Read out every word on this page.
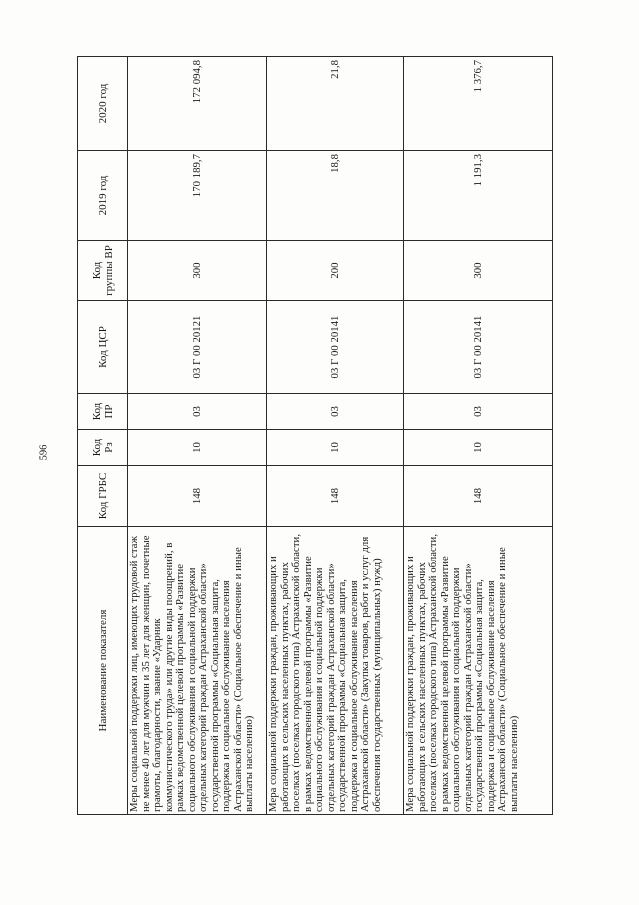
596
Наименование показателя	Код ГРБС	Код Рз	Код ПР	Код ЦСР	Код группы ВР	2019 год	2020 год
Меры социальной поддержки лиц, имеющих трудовой стаж не менее 40 лет для мужчин и 35 лет для женщин, почетные грамоты, благодарности, звание «Ударник коммунистического труда» или другие виды поощрений, в рамках ведомственной целевой программы «Развитие социального обслуживания и социальной поддержки отдельных категорий граждан Астраханской области» государственной программы «Социальная защита, поддержка и социальное обслуживание населения Астраханской области» (Социальное обеспечение и иные выплаты населению)	148	10	03	03 Г 00 20121	300	170 189,7	172 094,8
Мера социальной поддержки граждан, проживающих и работающих в сельских населенных пунктах, рабочих поселках (поселках городского типа) Астраханской области, в рамках ведомственной целевой программы «Развитие социального обслуживания и социальной поддержки отдельных категорий граждан Астраханской области» государственной программы «Социальная защита, поддержка и социальное обслуживание населения Астраханской области» (Закупка товаров, работ и услуг для обеспечения государственных (муниципальных) нужд)	148	10	03	03 Г 00 20141	200	18,8	21,8
Мера социальной поддержки граждан, проживающих и работающих в сельских населенных пунктах, рабочих поселках (поселках городского типа) Астраханской области, в рамках ведомственной целевой программы «Развитие социального обслуживания и социальной поддержки отдельных категорий граждан Астраханской области» государственной программы «Социальная защита, поддержка и социальное обслуживание населения Астраханской области» (Социальное обеспечение и иные выплаты населению)	148	10	03	03 Г 00 20141	300	1 191,3	1 376,7
